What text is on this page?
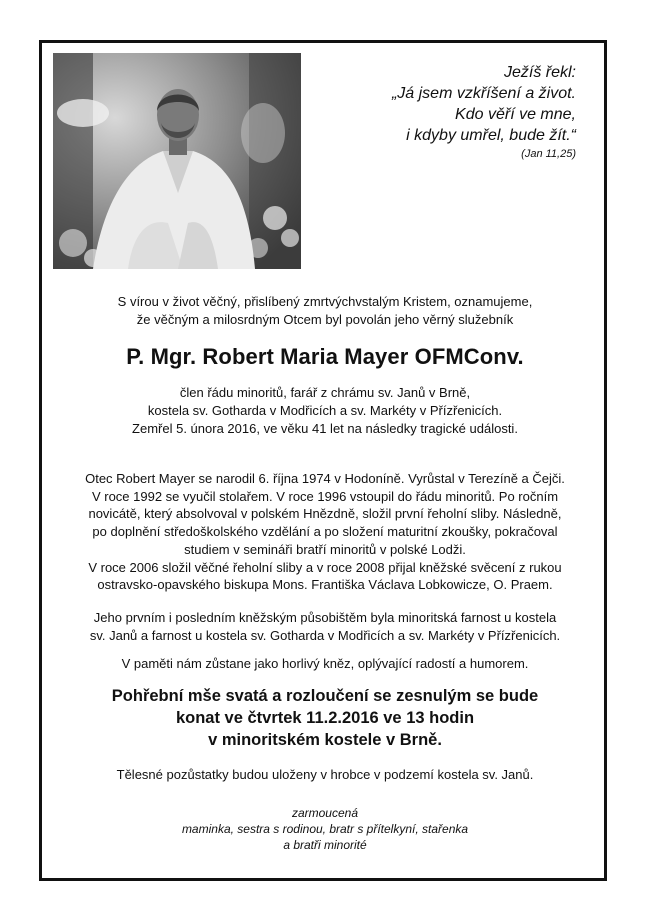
Ježíš řekl:
„Já jsem vzkříšení a život.
Kdo věří ve mne,
i kdyby umřel, bude žít.“
(Jan 11,25)
S vírou v život věčný, přislíbený zmrtvýchvstalým Kristem, oznamujeme,
že věčným a milosrdným Otcem byl povolán jeho věrný služebník
P. Mgr. Robert Maria Mayer OFMConv.
člen řádu minoritů, farář z chrámu sv. Janů v Brně,
kostela sv. Gotharda v Modřicích a sv. Markéty v Přízřenicích.
Zemřel 5. února 2016, ve věku 41 let na následky tragické události.
Otec Robert Mayer se narodil 6. října 1974 v Hodoníně. Vyrůstal v Terezíně a Čejči.
V roce 1992 se vyučil stolařem. V roce 1996 vstoupil do řádu minoritů. Po ročním
novicátě, který absolvoval v polském Hnězdně, složil první řeholní sliby. Následně,
po doplnění středoškolského vzdělání a po složení maturitní zkoušky, pokračoval
studiem v semináři bratří minoritů v polské Lodži.
V roce 2006 složil věčné řeholní sliby a v roce 2008 přijal kněžské svěcení z rukou
ostravsko-opavského biskupa Mons. Františka Václava Lobkowicze, O. Praem.
Jeho prvním i posledním kněžským působištěm byla minoritská farnost u kostela
sv. Janů a farnost u kostela sv. Gotharda v Modřicích a sv. Markéty v Přízřenicích.
V paměti nám zůstane jako horlivý kněz, oplývající radostí a humorem.
Pohřební mše svatá a rozloučení se zesnulým se bude
konat ve čtvrtek 11.2.2016 ve 13 hodin
v minoritském kostele v Brně.
Tělesné pozůstatky budou uloženy v hrobce v podzemí kostela sv. Janů.
zarmoucená
maminka, sestra s rodinou, bratr s přítelkyní, stařenka
a bratři minorité
